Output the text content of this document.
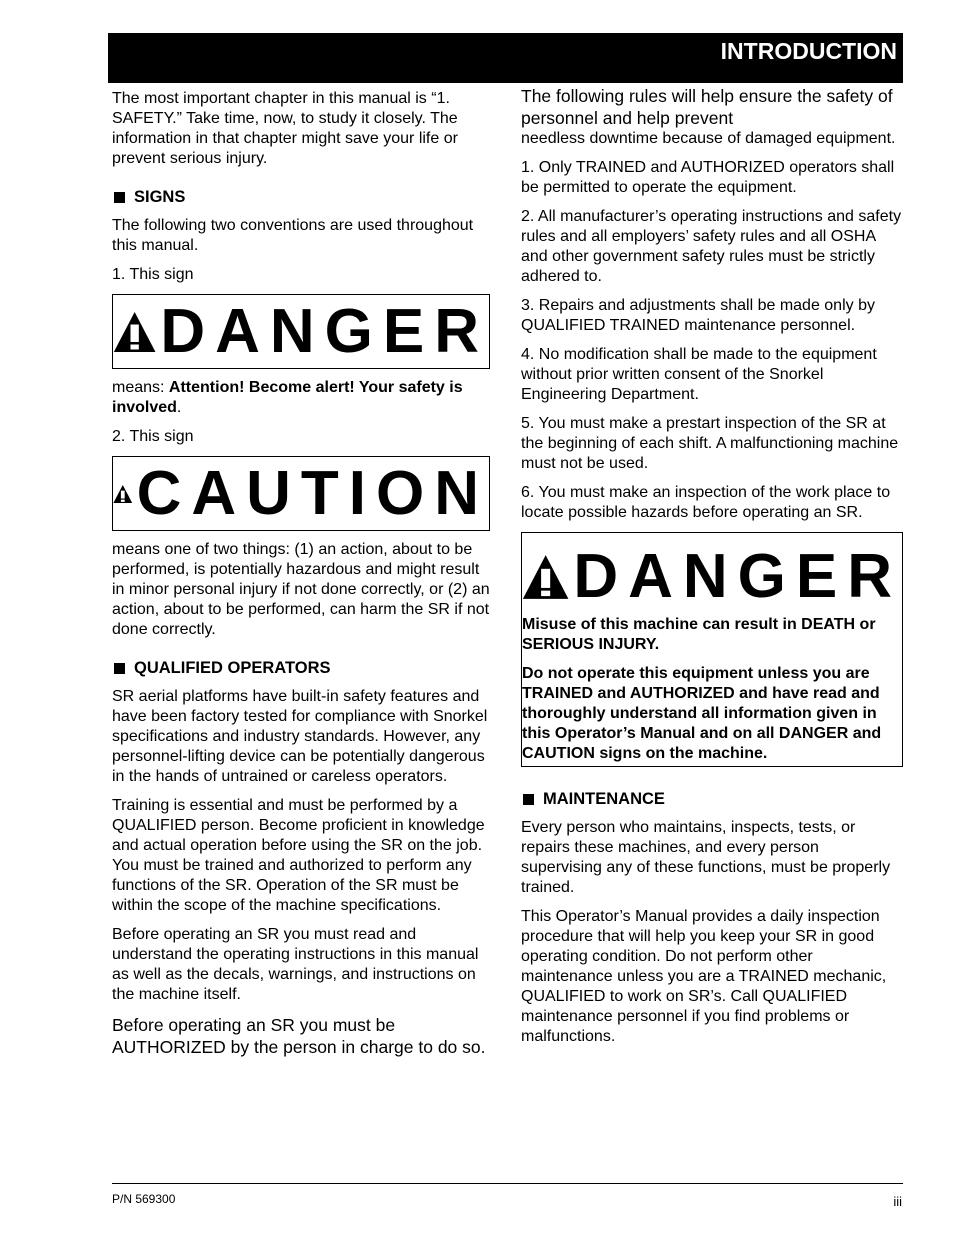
INTRODUCTION

The most important chapter in this manual is “1. SAFETY.” Take time, now, to study it closely. The information in that chapter might save your life or prevent serious injury.

SIGNS

The following two conventions are used throughout this manual.

1. This sign

DANGER

means: Attention! Become alert! Your safety is involved.

2. This sign

CAUTION

means one of two things: (1) an action, about to be performed, is potentially hazardous and might result in minor personal injury if not done correctly, or (2) an action, about to be performed, can harm the SR if not done correctly.

QUALIFIED OPERATORS

SR aerial platforms have built-in safety features and have been factory tested for compliance with Snorkel specifications and industry standards. However, any personnel-lifting device can be potentially dangerous in the hands of untrained or careless operators.

Training is essential and must be performed by a QUALIFIED person. Become proficient in knowledge and actual operation before using the SR on the job. You must be trained and authorized to perform any functions of the SR. Operation of the SR must be within the scope of the machine specifications.

Before operating an SR you must read and understand the operating instructions in this manual as well as the decals, warnings, and instructions on the machine itself.

Before operating an SR you must be AUTHORIZED by the person in charge to do so.

The following rules will help ensure the safety of personnel and help prevent
needless downtime because of damaged equipment.

1. Only TRAINED and AUTHORIZED operators shall be permitted to operate the equipment.

2. All manufacturer’s operating instructions and safety rules and all employers’ safety rules and all OSHA and other government safety rules must be strictly adhered to.

3. Repairs and adjustments shall be made only by QUALIFIED TRAINED maintenance personnel.

4. No modification shall be made to the equipment without prior written consent of the Snorkel Engineering Department.

5. You must make a prestart inspection of the SR at the beginning of each shift. A malfunctioning machine must not be used.

6. You must make an inspection of the work place to locate possible hazards before operating an SR.

DANGER

Misuse of this machine can result in DEATH or SERIOUS INJURY.

Do not operate this equipment unless you are TRAINED and AUTHORIZED and have read and thoroughly understand all information given in this Operator’s Manual and on all DANGER and CAUTION signs on the machine.

MAINTENANCE

Every person who maintains, inspects, tests, or repairs these machines, and every person supervising any of these functions, must be properly trained.

This Operator’s Manual provides a daily inspection procedure that will help you keep your SR in good operating condition. Do not perform other maintenance unless you are a TRAINED mechanic, QUALIFIED to work on SR’s. Call QUALIFIED maintenance personnel if you find problems or malfunctions.

P/N 569300	iii
